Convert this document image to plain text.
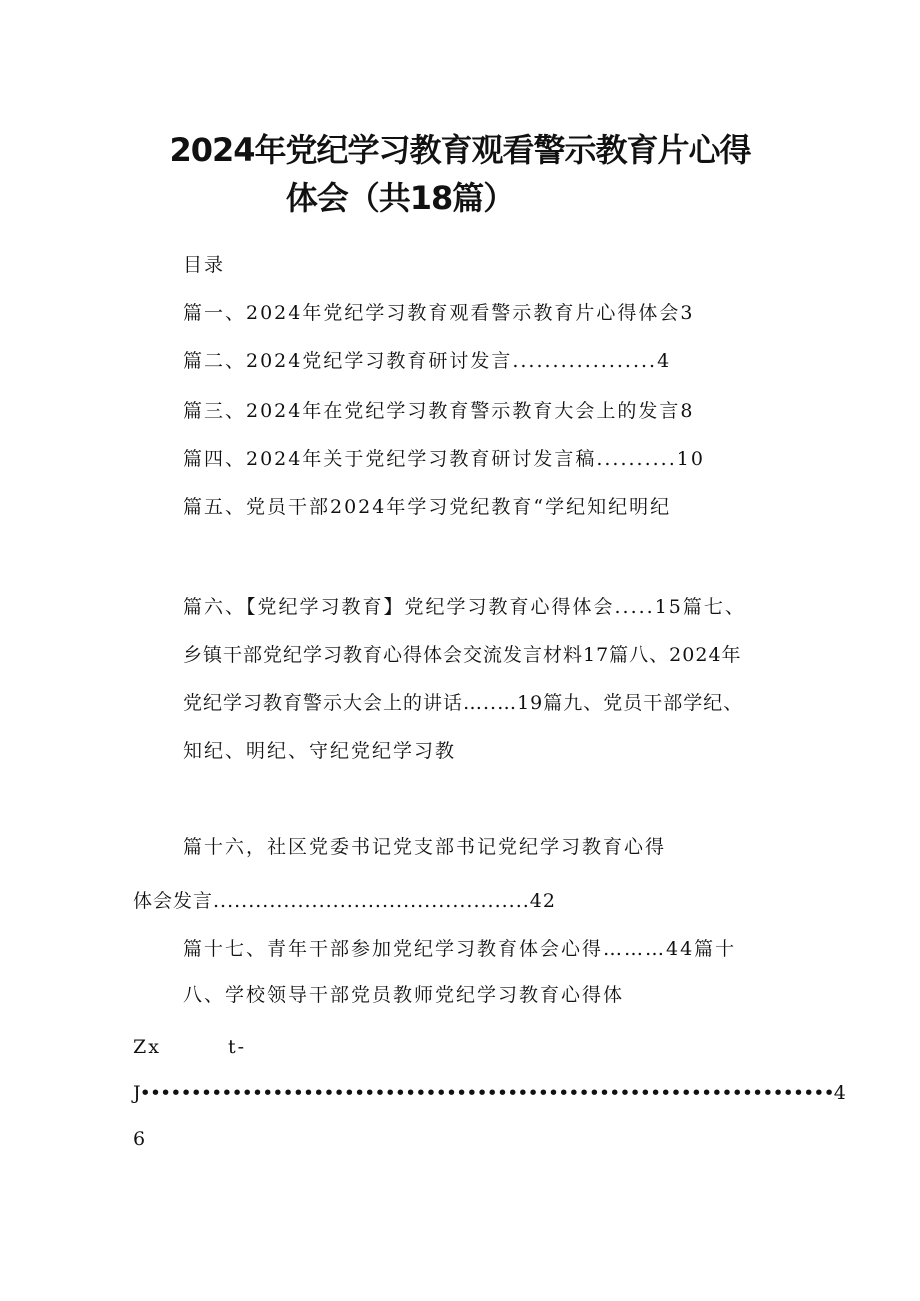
2024年党纪学习教育观看警示教育片心得
体会（共18篇）
目录
篇一、2024年党纪学习教育观看警示教育片心得体会3
篇二、2024党纪学习教育研讨发言..................4
篇三、2024年在党纪学习教育警示教育大会上的发言8
篇四、2024年关于党纪学习教育研讨发言稿..........10
篇五、党员干部2024年学习党纪教育“学纪知纪明纪
篇六、【党纪学习教育】党纪学习教育心得体会.....15篇七、
乡镇干部党纪学习教育心得体会交流发言材料17篇八、2024年
党纪学习教育警示大会上的讲话…..…19篇九、党员干部学纪、
知纪、明纪、守纪党纪学习教
篇十六，社区党委书记党支部书记党纪学习教育心得
体会发言.............................................42
篇十七、青年干部参加党纪学习教育体会心得………44篇十
八、学校领导干部党员教师党纪学习教育心得体
Zx	t-
J••••••••••••••••••••••••••••••••••••••••••••••••••••••••••••••••••••4
6
